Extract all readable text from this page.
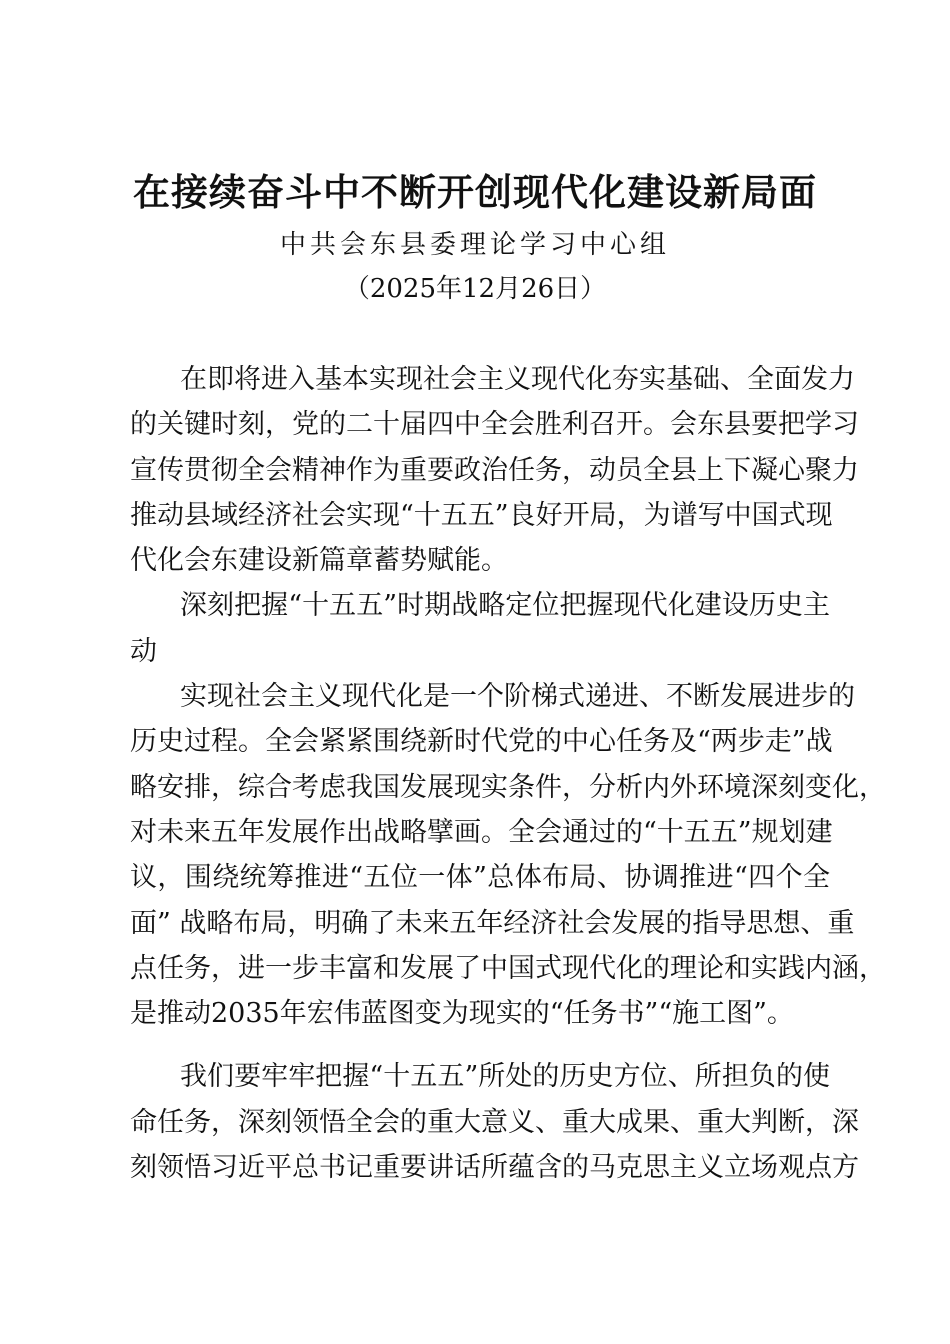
在接续奋斗中不断开创现代化建设新局面
中共会东县委理论学习中心组
（2025年12月26日）
在即将进入基本实现社会主义现代化夯实基础、全面发力
的关键时刻，党的二十届四中全会胜利召开。会东县要把学习
宣传贯彻全会精神作为重要政治任务，动员全县上下凝心聚力
推动县域经济社会实现“十五五”良好开局，为谱写中国式现
代化会东建设新篇章蓄势赋能。
深刻把握“十五五”时期战略定位把握现代化建设历史主
动
实现社会主义现代化是一个阶梯式递进、不断发展进步的
历史过程。全会紧紧围绕新时代党的中心任务及“两步走”战
略安排，综合考虑我国发展现实条件，分析内外环境深刻变化，
对未来五年发展作出战略擘画。全会通过的“十五五”规划建
议，围绕统筹推进“五位一体”总体布局、协调推进“四个全
面” 战略布局，明确了未来五年经济社会发展的指导思想、重
点任务，进一步丰富和发展了中国式现代化的理论和实践内涵，
是推动2035年宏伟蓝图变为现实的“任务书”“施工图”。
我们要牢牢把握“十五五”所处的历史方位、所担负的使
命任务，深刻领悟全会的重大意义、重大成果、重大判断，深
刻领悟习近平总书记重要讲话所蕴含的马克思主义立场观点方
